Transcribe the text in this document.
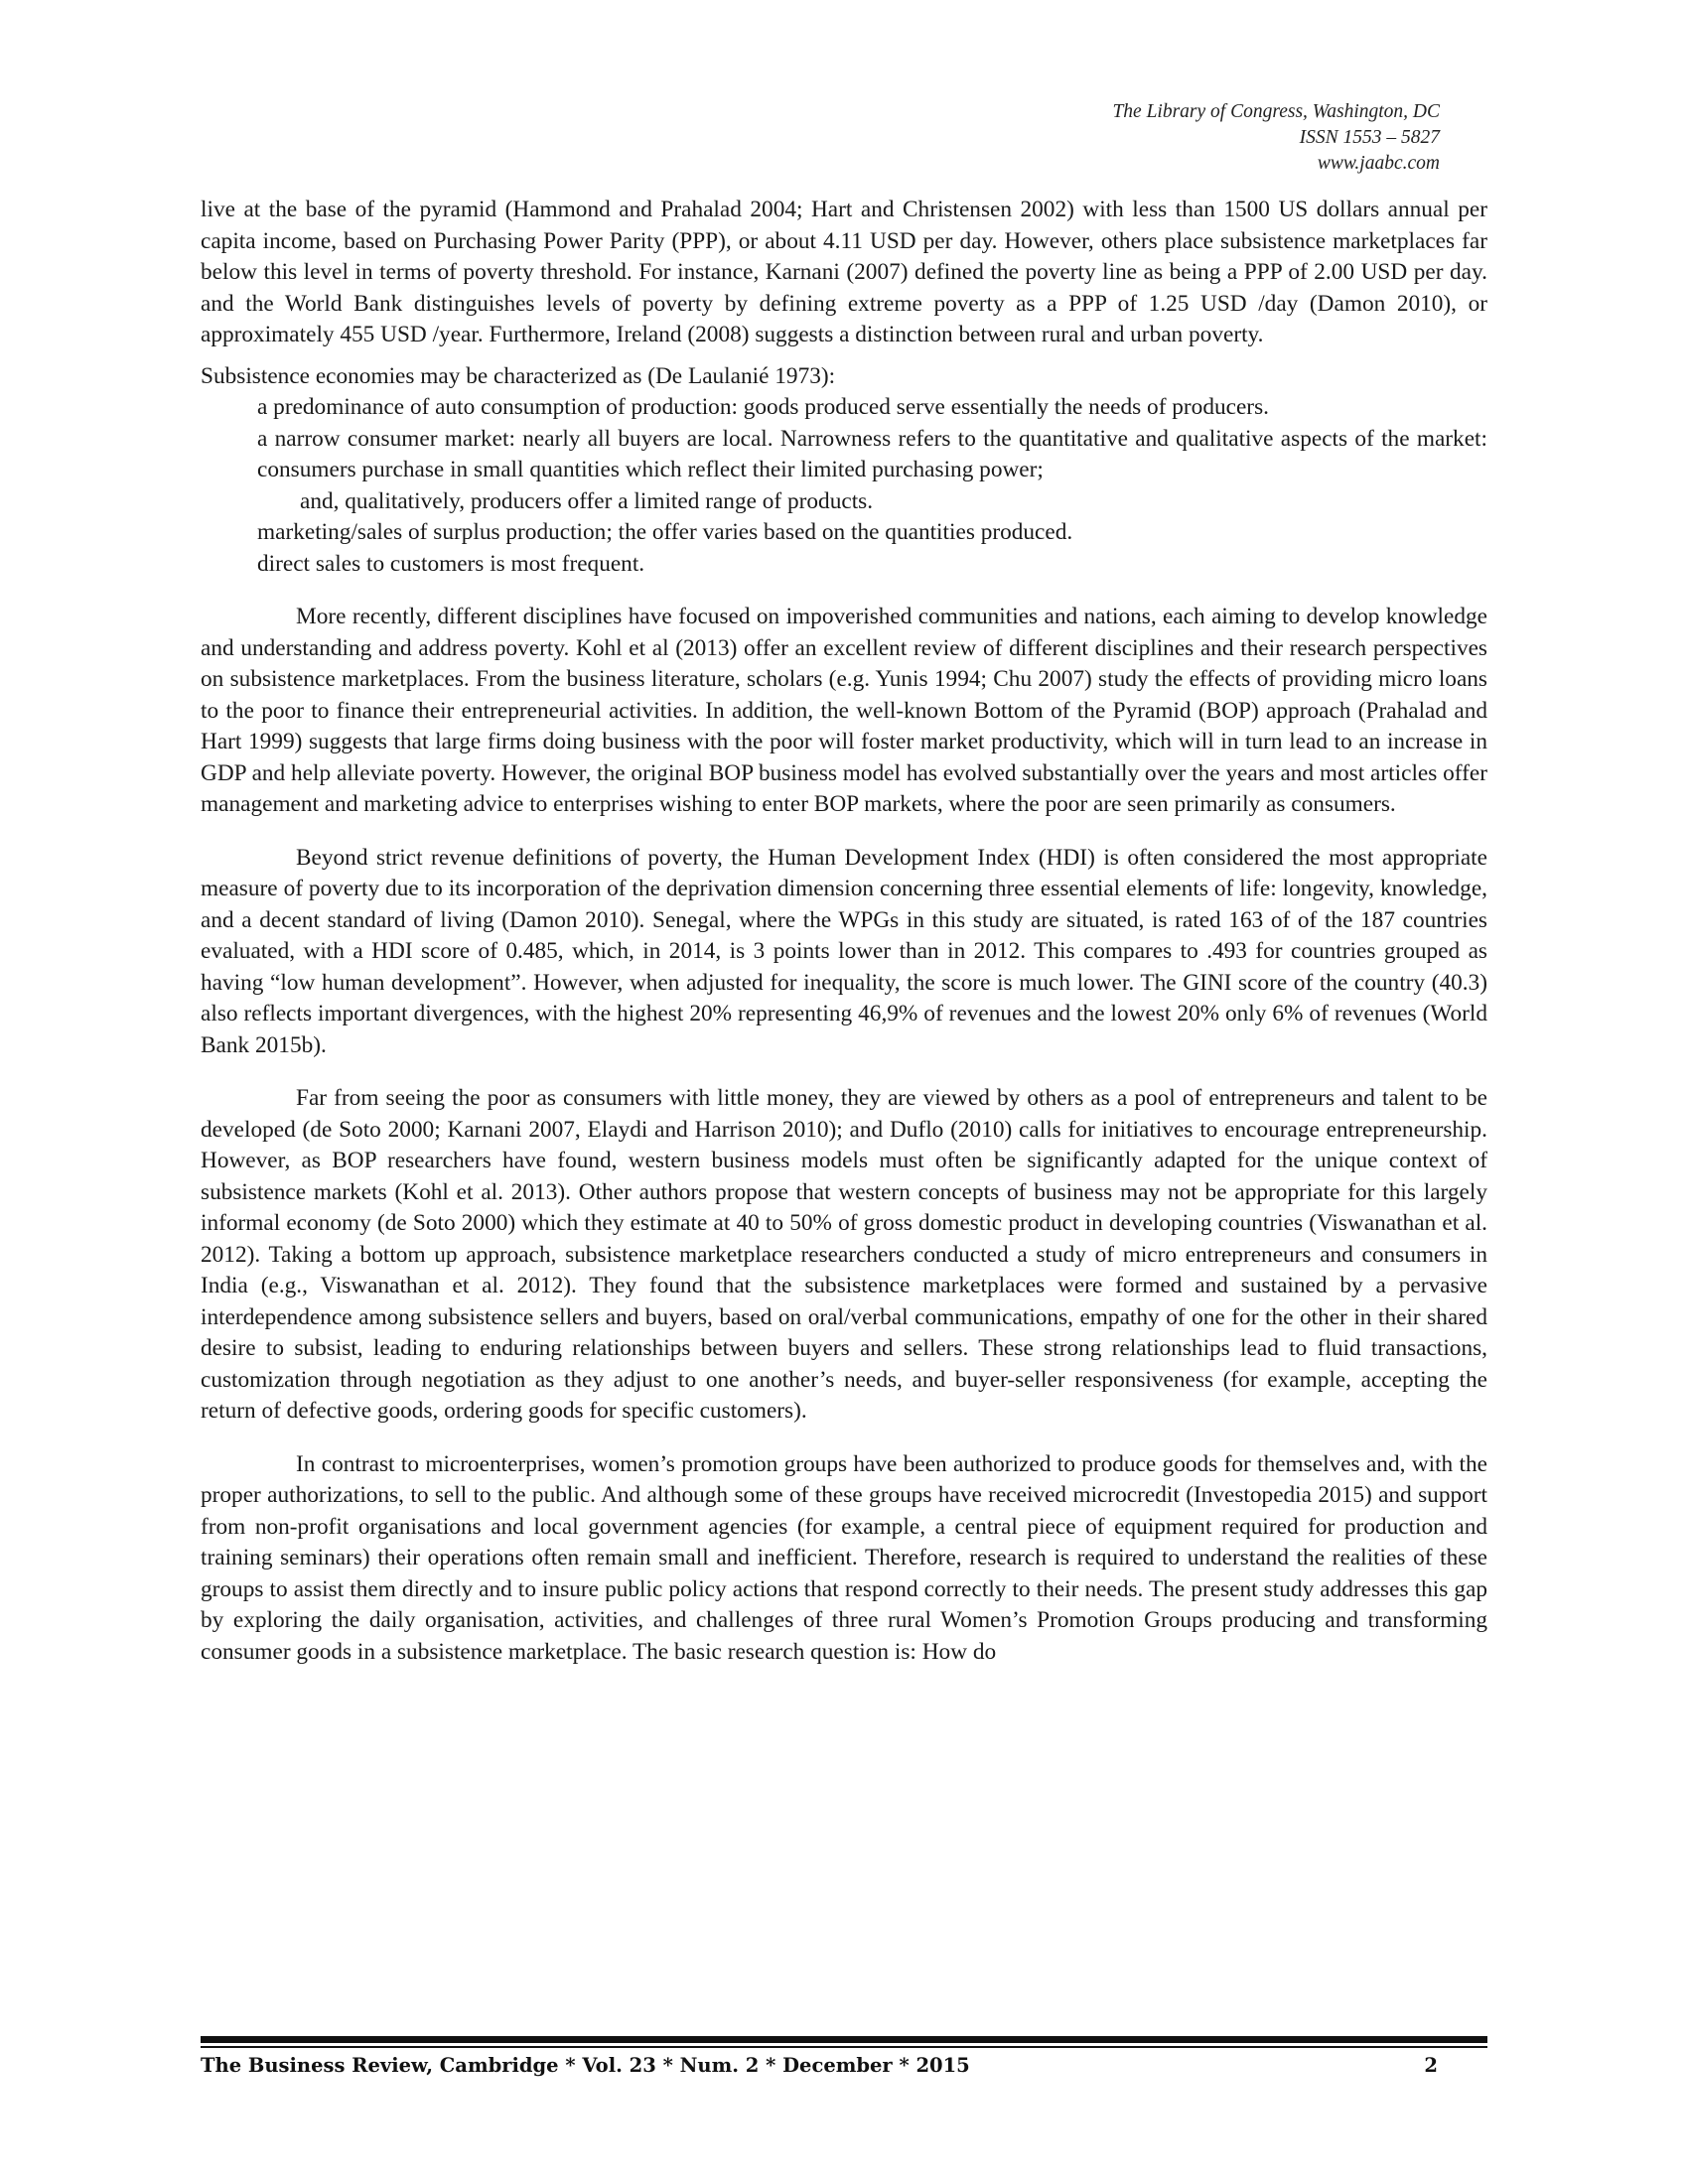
The Library of Congress, Washington, DC
ISSN 1553 – 5827
www.jaabc.com

live at the base of the pyramid (Hammond and Prahalad 2004; Hart and Christensen 2002) with less than 1500 US dollars annual per capita income, based on Purchasing Power Parity (PPP), or about 4.11 USD per day. However, others place subsistence marketplaces far below this level in terms of poverty threshold. For instance, Karnani (2007) defined the poverty line as being a PPP of 2.00 USD per day. and the World Bank distinguishes levels of poverty by defining extreme poverty as a PPP of 1.25 USD /day (Damon 2010), or approximately 455 USD /year. Furthermore, Ireland (2008) suggests a distinction between rural and urban poverty.

Subsistence economies may be characterized as (De Laulanié 1973):

a predominance of auto consumption of production: goods produced serve essentially the needs of producers.
a narrow consumer market: nearly all buyers are local. Narrowness refers to the quantitative and qualitative aspects of the market: consumers purchase in small quantities which reflect their limited purchasing power;
and, qualitatively, producers offer a limited range of products.
marketing/sales of surplus production; the offer varies based on the quantities produced.
direct sales to customers is most frequent.

More recently, different disciplines have focused on impoverished communities and nations, each aiming to develop knowledge and understanding and address poverty. Kohl et al (2013) offer an excellent review of different disciplines and their research perspectives on subsistence marketplaces. From the business literature, scholars (e.g. Yunis 1994; Chu 2007) study the effects of providing micro loans to the poor to finance their entrepreneurial activities. In addition, the well-known Bottom of the Pyramid (BOP) approach (Prahalad and Hart 1999) suggests that large firms doing business with the poor will foster market productivity, which will in turn lead to an increase in GDP and help alleviate poverty. However, the original BOP business model has evolved substantially over the years and most articles offer management and marketing advice to enterprises wishing to enter BOP markets, where the poor are seen primarily as consumers.

Beyond strict revenue definitions of poverty, the Human Development Index (HDI) is often considered the most appropriate measure of poverty due to its incorporation of the deprivation dimension concerning three essential elements of life: longevity, knowledge, and a decent standard of living (Damon 2010). Senegal, where the WPGs in this study are situated, is rated 163 of of the 187 countries evaluated, with a HDI score of 0.485, which, in 2014, is 3 points lower than in 2012. This compares to .493 for countries grouped as having “low human development”. However, when adjusted for inequality, the score is much lower. The GINI score of the country (40.3) also reflects important divergences, with the highest 20% representing 46,9% of revenues and the lowest 20% only 6% of revenues (World Bank 2015b).

Far from seeing the poor as consumers with little money, they are viewed by others as a pool of entrepreneurs and talent to be developed (de Soto 2000; Karnani 2007, Elaydi and Harrison 2010); and Duflo (2010) calls for initiatives to encourage entrepreneurship. However, as BOP researchers have found, western business models must often be significantly adapted for the unique context of subsistence markets (Kohl et al. 2013). Other authors propose that western concepts of business may not be appropriate for this largely informal economy (de Soto 2000) which they estimate at 40 to 50% of gross domestic product in developing countries (Viswanathan et al. 2012). Taking a bottom up approach, subsistence marketplace researchers conducted a study of micro entrepreneurs and consumers in India (e.g., Viswanathan et al. 2012). They found that the subsistence marketplaces were formed and sustained by a pervasive interdependence among subsistence sellers and buyers, based on oral/verbal communications, empathy of one for the other in their shared desire to subsist, leading to enduring relationships between buyers and sellers. These strong relationships lead to fluid transactions, customization through negotiation as they adjust to one another’s needs, and buyer-seller responsiveness (for example, accepting the return of defective goods, ordering goods for specific customers).

In contrast to microenterprises, women’s promotion groups have been authorized to produce goods for themselves and, with the proper authorizations, to sell to the public. And although some of these groups have received microcredit (Investopedia 2015) and support from non-profit organisations and local government agencies (for example, a central piece of equipment required for production and training seminars) their operations often remain small and inefficient. Therefore, research is required to understand the realities of these groups to assist them directly and to insure public policy actions that respond correctly to their needs. The present study addresses this gap by exploring the daily organisation, activities, and challenges of three rural Women’s Promotion Groups producing and transforming consumer goods in a subsistence marketplace. The basic research question is: How do

The Business Review, Cambridge * Vol. 23 * Num. 2 * December * 2015	2
